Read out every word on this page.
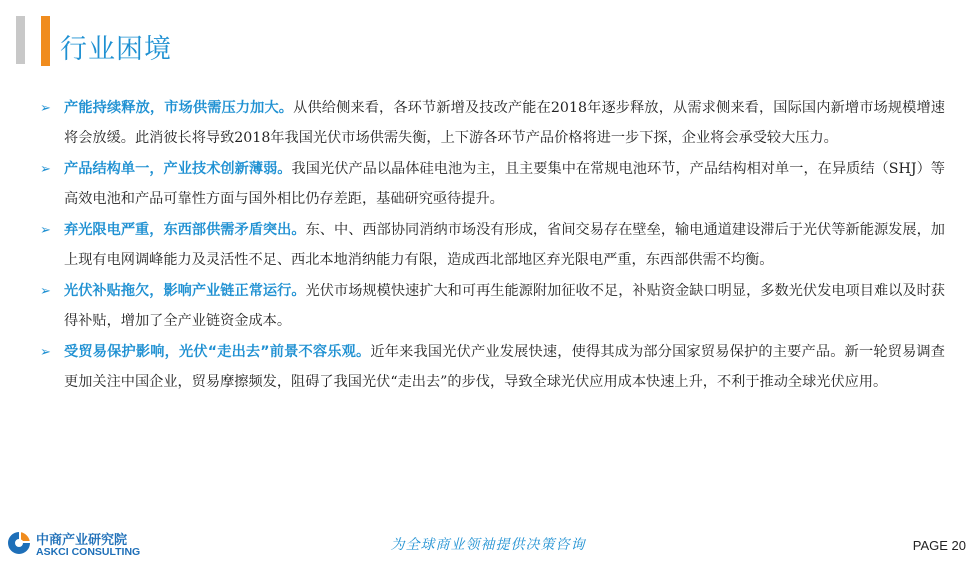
行业困境
➢ 产能持续释放，市场供需压力加大。从供给侧来看，各环节新增及技改产能在2018年逐步释放，从需求侧来看，国际国内新增市场规模增速将会放缓。此消彼长将导致2018年我国光伏市场供需失衡，上下游各环节产品价格将进一步下探，企业将会承受较大压力。

➢ 产品结构单一，产业技术创新薄弱。我国光伏产品以晶体硅电池为主，且主要集中在常规电池环节，产品结构相对单一，在异质结（SHJ）等高效电池和产品可靠性方面与国外相比仍存差距，基础研究亟待提升。

➢ 弃光限电严重，东西部供需矛盾突出。东、中、西部协同消纳市场没有形成，省间交易存在壁垒，输电通道建设滞后于光伏等新能源发展，加上现有电网调峰能力及灵活性不足、西北本地消纳能力有限，造成西北部地区弃光限电严重，东西部供需不均衡。

➢ 光伏补贴拖欠，影响产业链正常运行。光伏市场规模快速扩大和可再生能源附加征收不足，补贴资金缺口明显，多数光伏发电项目难以及时获得补贴，增加了全产业链资金成本。

➢ 受贸易保护影响，光伏“走出去”前景不容乐观。近年来我国光伏产业发展快速，使得其成为部分国家贸易保护的主要产品。新一轮贸易调查更加关注中国企业，贸易摩擦频发，阻碍了我国光伏“走出去”的步伐，导致全球光伏应用成本快速上升，不利于推动全球光伏应用。

中商产业研究院
ASKCI CONSULTING	为全球商业领袖提供决策咨询	PAGE 20
